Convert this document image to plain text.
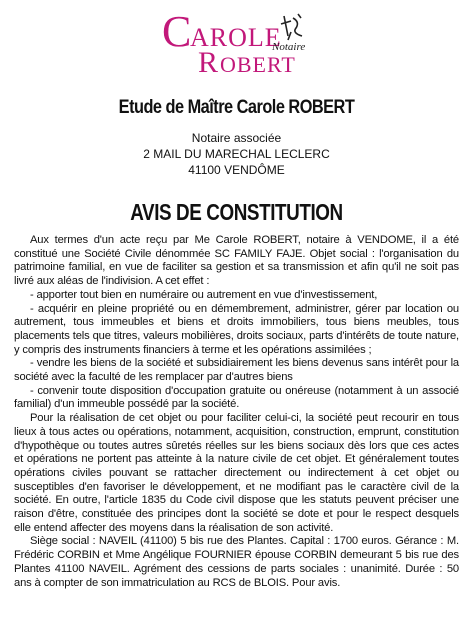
C
AROLE
R OBERT
Notaire
Etude de Maître Carole ROBERT
Notaire associée
2 MAIL DU MARECHAL LECLERC
41100 VENDÔME
AVIS DE CONSTITUTION

Aux termes d'un acte reçu par Me Carole ROBERT, notaire à VENDOME, il a été constitué une Société Civile dénommée SC FAMILY FAJE. Objet social : l'organisation du patrimoine familial, en vue de faciliter sa gestion et sa transmission et afin qu'il ne soit pas livré aux aléas de l'indivision. A cet effet :

- apporter tout bien en numéraire ou autrement en vue d'investissement,

- acquérir en pleine propriété ou en démembrement, administrer, gérer par location ou autrement, tous immeubles et biens et droits immobiliers, tous biens meubles, tous placements tels que titres, valeurs mobilières, droits sociaux, parts d'intérêts de toute nature, y compris des instruments financiers à terme et les opérations assimilées ;

- vendre les biens de la société et subsidiairement les biens devenus sans intérêt pour la société avec la faculté de les remplacer par d'autres biens

- convenir toute disposition d'occupation gratuite ou onéreuse (notamment à un associé familial) d'un immeuble possédé par la société.

Pour la réalisation de cet objet ou pour faciliter celui-ci, la société peut recourir en tous lieux à tous actes ou opérations, notamment, acquisition, construction, emprunt, constitution d'hypothèque ou toutes autres sûretés réelles sur les biens sociaux dès lors que ces actes et opérations ne portent pas atteinte à la nature civile de cet objet. Et généralement toutes opérations civiles pouvant se rattacher directement ou indirectement à cet objet ou susceptibles d'en favoriser le développement, et ne modifiant pas le caractère civil de la société. En outre, l'article 1835 du Code civil dispose que les statuts peuvent préciser une raison d'être, constituée des principes dont la société se dote et pour le respect desquels elle entend affecter des moyens dans la réalisation de son activité.

Siège social : NAVEIL (41100) 5 bis rue des Plantes. Capital : 1700 euros. Gérance : M. Frédéric CORBIN et Mme Angélique FOURNIER épouse CORBIN demeurant 5 bis rue des Plantes 41100 NAVEIL. Agrément des cessions de parts sociales : unanimité. Durée : 50 ans à compter de son immatriculation au RCS de BLOIS. Pour avis.
